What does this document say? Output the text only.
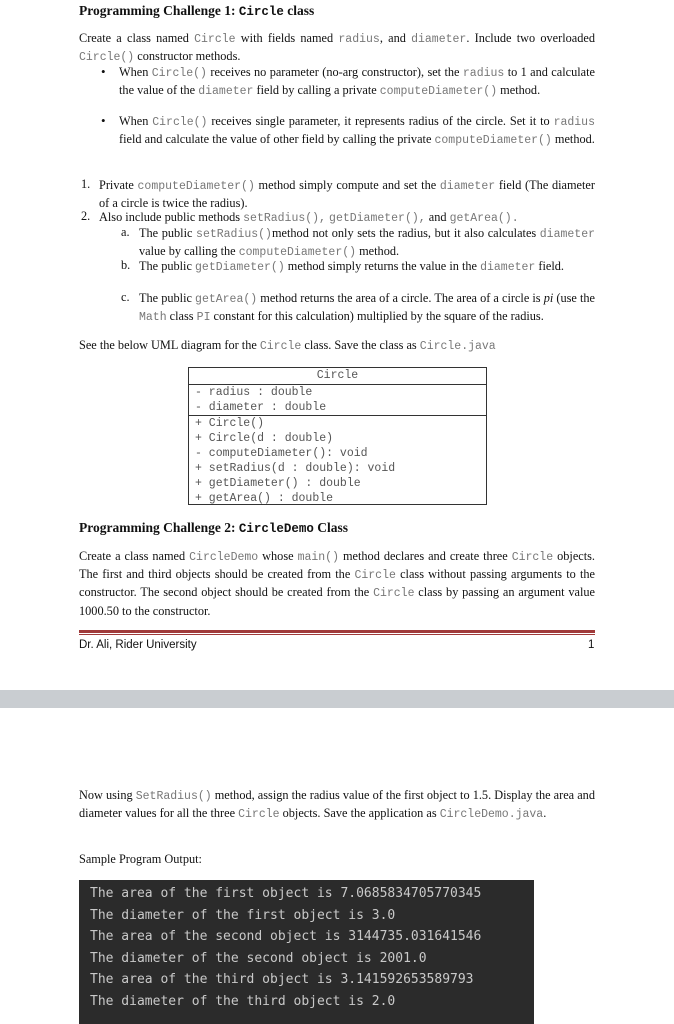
Programming Challenge 1: Circle class
Create a class named Circle with fields named radius, and diameter. Include two overloaded Circle() constructor methods.
• When Circle() receives no parameter (no-arg constructor), set the radius to 1 and calculate the value of the diameter field by calling a private computeDiameter() method.
• When Circle() receives single parameter, it represents radius of the circle. Set it to radius field and calculate the value of other field by calling the private computeDiameter() method.
1. Private computeDiameter() method simply compute and set the diameter field (The diameter of a circle is twice the radius).
2. Also include public methods setRadius(), getDiameter(), and getArea().
a. The public setRadius()method not only sets the radius, but it also calculates diameter value by calling the computeDiameter() method.
b. The public getDiameter() method simply returns the value in the diameter field.
c. The public getArea() method returns the area of a circle. The area of a circle is pi (use the Math class PI constant for this calculation) multiplied by the square of the radius.
See the below UML diagram for the Circle class. Save the class as Circle.java
Circle
- radius : double
- diameter : double
+ Circle()
+ Circle(d : double)
- computeDiameter(): void
+ setRadius(d : double): void
+ getDiameter() : double
+ getArea() : double
Programming Challenge 2: CircleDemo Class
Create a class named CircleDemo whose main() method declares and create three Circle objects. The first and third objects should be created from the Circle class without passing arguments to the constructor. The second object should be created from the Circle class by passing an argument value 1000.50 to the constructor.
Dr. Ali, Rider University	1
Now using SetRadius() method, assign the radius value of the first object to 1.5. Display the area and diameter values for all the three Circle objects. Save the application as CircleDemo.java.
Sample Program Output:
The area of the first object is 7.0685834705770345
The diameter of the first object is 3.0
The area of the second object is 3144735.031641546
The diameter of the second object is 2001.0
The area of the third object is 3.141592653589793
The diameter of the third object is 2.0
